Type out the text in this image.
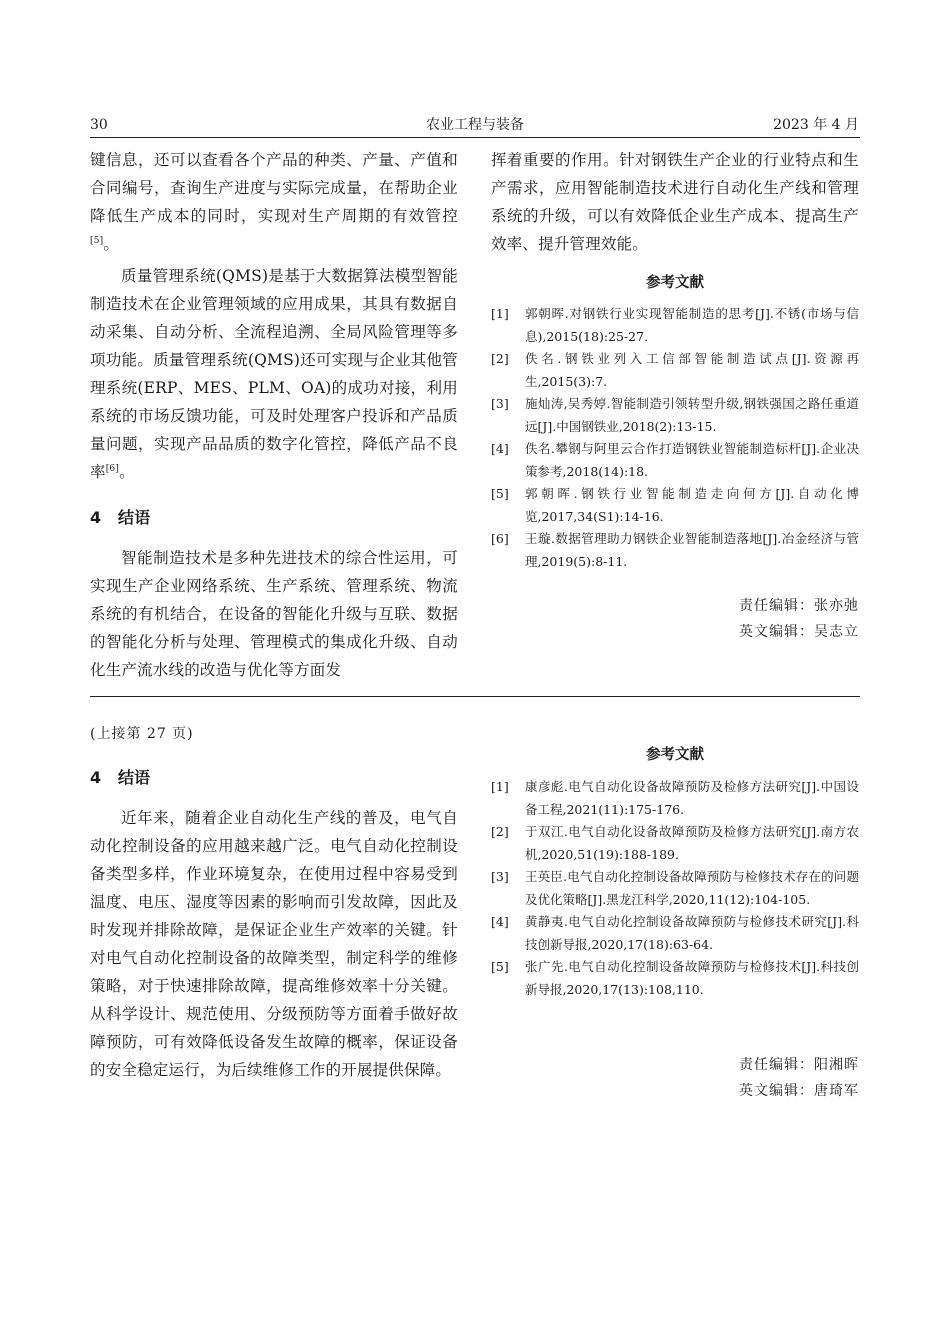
30	农业工程与装备	2023 年 4 月

键信息，还可以查看各个产品的种类、产量、产值和合同编号，查询生产进度与实际完成量，在帮助企业降低生产成本的同时，实现对生产周期的有效管控[5]。

质量管理系统(QMS)是基于大数据算法模型智能制造技术在企业管理领域的应用成果，其具有数据自动采集、自动分析、全流程追溯、全局风险管理等多项功能。质量管理系统(QMS)还可实现与企业其他管理系统(ERP、MES、PLM、OA)的成功对接，利用系统的市场反馈功能，可及时处理客户投诉和产品质量问题，实现产品品质的数字化管控，降低产品不良率[6]。

4 结语

智能制造技术是多种先进技术的综合性运用，可实现生产企业网络系统、生产系统、管理系统、物流系统的有机结合，在设备的智能化升级与互联、数据的智能化分析与处理、管理模式的集成化升级、自动化生产流水线的改造与优化等方面发

挥着重要的作用。针对钢铁生产企业的行业特点和生产需求，应用智能制造技术进行自动化生产线和管理系统的升级，可以有效降低企业生产成本、提高生产效率、提升管理效能。

参考文献
[1]	郭朝晖.对钢铁行业实现智能制造的思考[J].不锈(市场与信息),2015(18):25-27.
[2]	佚名.钢铁业列入工信部智能制造试点[J].资源再生,2015(3):7.
[3]	施灿涛,吴秀婷.智能制造引领转型升级,钢铁强国之路任重道远[J].中国钢铁业,2018(2):13-15.
[4]	佚名.攀钢与阿里云合作打造钢铁业智能制造标杆[J].企业决策参考,2018(14):18.
[5]	郭朝晖.钢铁行业智能制造走向何方[J].自动化博览,2017,34(S1):14-16.
[6]	王璇.数据管理助力钢铁企业智能制造落地[J].冶金经济与管理,2019(5):8-11.
责任编辑：张亦弛
英文编辑：吴志立
(上接第 27 页)
4 结语

近年来，随着企业自动化生产线的普及，电气自动化控制设备的应用越来越广泛。电气自动化控制设备类型多样，作业环境复杂，在使用过程中容易受到温度、电压、湿度等因素的影响而引发故障，因此及时发现并排除故障，是保证企业生产效率的关键。针对电气自动化控制设备的故障类型，制定科学的维修策略，对于快速排除故障，提高维修效率十分关键。从科学设计、规范使用、分级预防等方面着手做好故障预防，可有效降低设备发生故障的概率，保证设备的安全稳定运行，为后续维修工作的开展提供保障。

参考文献
[1]	康彦彪.电气自动化设备故障预防及检修方法研究[J].中国设备工程,2021(11):175-176.
[2]	于双江.电气自动化设备故障预防及检修方法研究[J].南方农机,2020,51(19):188-189.
[3]	王英臣.电气自动化控制设备故障预防与检修技术存在的问题及优化策略[J].黑龙江科学,2020,11(12):104-105.
[4]	黄静夷.电气自动化控制设备故障预防与检修技术研究[J].科技创新导报,2020,17(18):63-64.
[5]	张广先.电气自动化控制设备故障预防与检修技术[J].科技创新导报,2020,17(13):108,110.
责任编辑：阳湘晖
英文编辑：唐琦军
